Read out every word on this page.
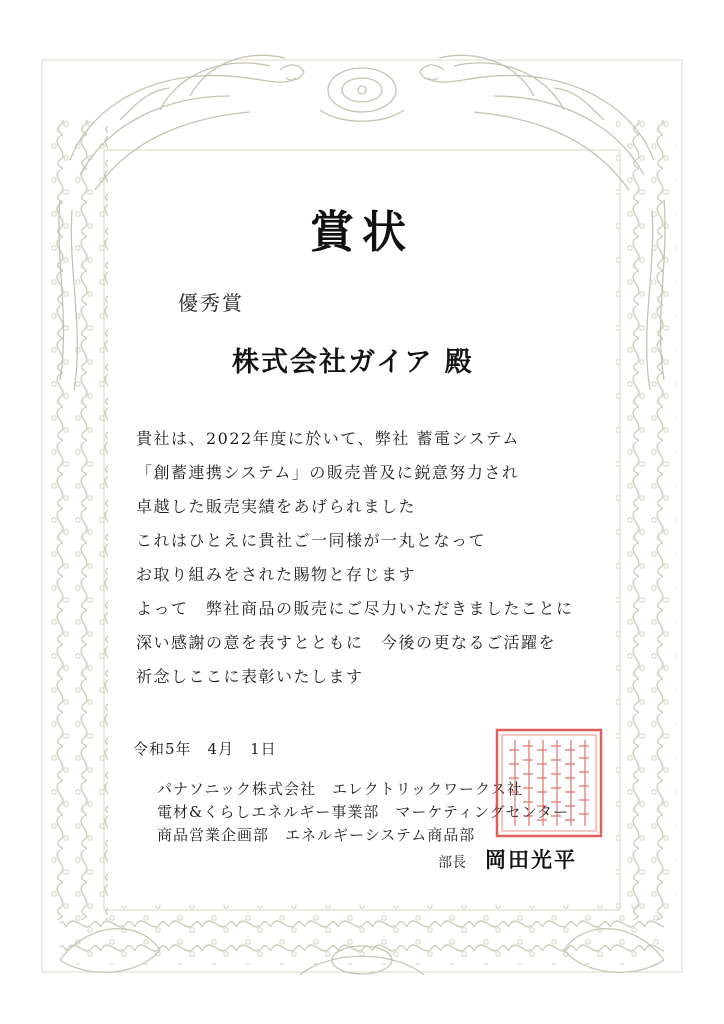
賞状
優秀賞
株式会社ガイア 殿
貴社は、2022年度に於いて、弊社 蓄電システム
「創蓄連携システム」の販売普及に鋭意努力され
卓越した販売実績をあげられました
これはひとえに貴社ご一同様が一丸となって
お取り組みをされた賜物と存じます
よって　弊社商品の販売にご尽力いただきましたことに
深い感謝の意を表すとともに　今後の更なるご活躍を
祈念しここに表彰いたします
令和5年　4月　1日
パナソニック株式会社　エレクトリックワークス社
電材&くらしエネルギー事業部　マーケティングセンター
商品営業企画部　エネルギーシステム商品部
部長 岡田光平
